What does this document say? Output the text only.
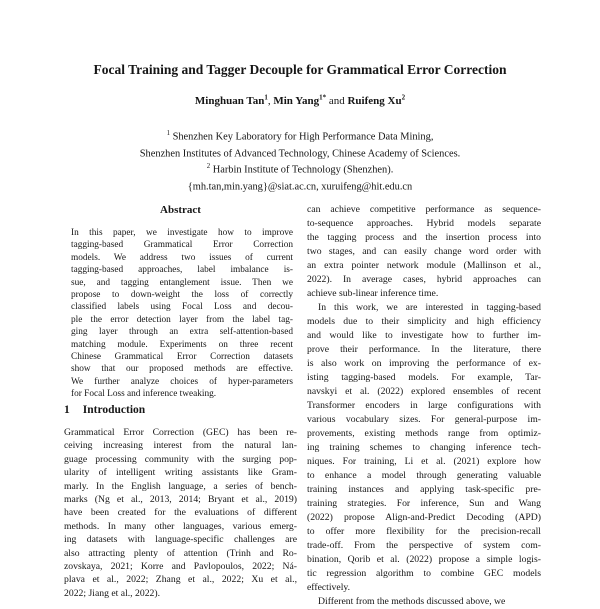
Focal Training and Tagger Decouple for Grammatical Error Correction
Minghuan Tan$^1$, Min Yang$^{1*}$ and Ruifeng Xu$^2$
$^1$ Shenzhen Key Laboratory for High Performance Data Mining,
Shenzhen Institutes of Advanced Technology, Chinese Academy of Sciences.
$^2$ Harbin Institute of Technology (Shenzhen).
{mh.tan,min.yang}@siat.ac.cn, xuruifeng@hit.edu.cn
Abstract
In this paper, we investigate how to improve
tagging-based Grammatical Error Correction
models. We address two issues of current
tagging-based approaches, label imbalance is-
sue, and tagging entanglement issue. Then we
propose to down-weight the loss of correctly
classified labels using Focal Loss and decou-
ple the error detection layer from the label tag-
ging layer through an extra self-attention-based
matching module. Experiments on three recent
Chinese Grammatical Error Correction datasets
show that our proposed methods are effective.
We further analyze choices of hyper-parameters
for Focal Loss and inference tweaking.
1 Introduction
Grammatical Error Correction (GEC) has been re-
ceiving increasing interest from the natural lan-
guage processing community with the surging pop-
ularity of intelligent writing assistants like Gram-
marly. In the English language, a series of bench-
marks (Ng et al., 2013, 2014; Bryant et al., 2019)
have been created for the evaluations of different
methods. In many other languages, various emerg-
ing datasets with language-specific challenges are
also attracting plenty of attention (Trinh and Ro-
zovskaya, 2021; Korre and Pavlopoulos, 2022; Ná-
plava et al., 2022; Zhang et al., 2022; Xu et al.,
2022; Jiang et al., 2022).
can achieve competitive performance as sequence-
to-sequence approaches. Hybrid models separate
the tagging process and the insertion process into
two stages, and can easily change word order with
an extra pointer network module (Mallinson et al.,
2022). In average cases, hybrid approaches can
achieve sub-linear inference time.
In this work, we are interested in tagging-based
models due to their simplicity and high efficiency
and would like to investigate how to further im-
prove their performance. In the literature, there
is also work on improving the performance of ex-
isting tagging-based models. For example, Tar-
navskyi et al. (2022) explored ensembles of recent
Transformer encoders in large configurations with
various vocabulary sizes. For general-purpose im-
provements, existing methods range from optimiz-
ing training schemes to changing inference tech-
niques. For training, Li et al. (2021) explore how
to enhance a model through generating valuable
training instances and applying task-specific pre-
training strategies. For inference, Sun and Wang
(2022) propose Align-and-Predict Decoding (APD)
to offer more flexibility for the precision-recall
trade-off. From the perspective of system com-
bination, Qorib et al. (2022) propose a simple logis-
tic regression algorithm to combine GEC models
effectively.
Different from the methods discussed above, we
